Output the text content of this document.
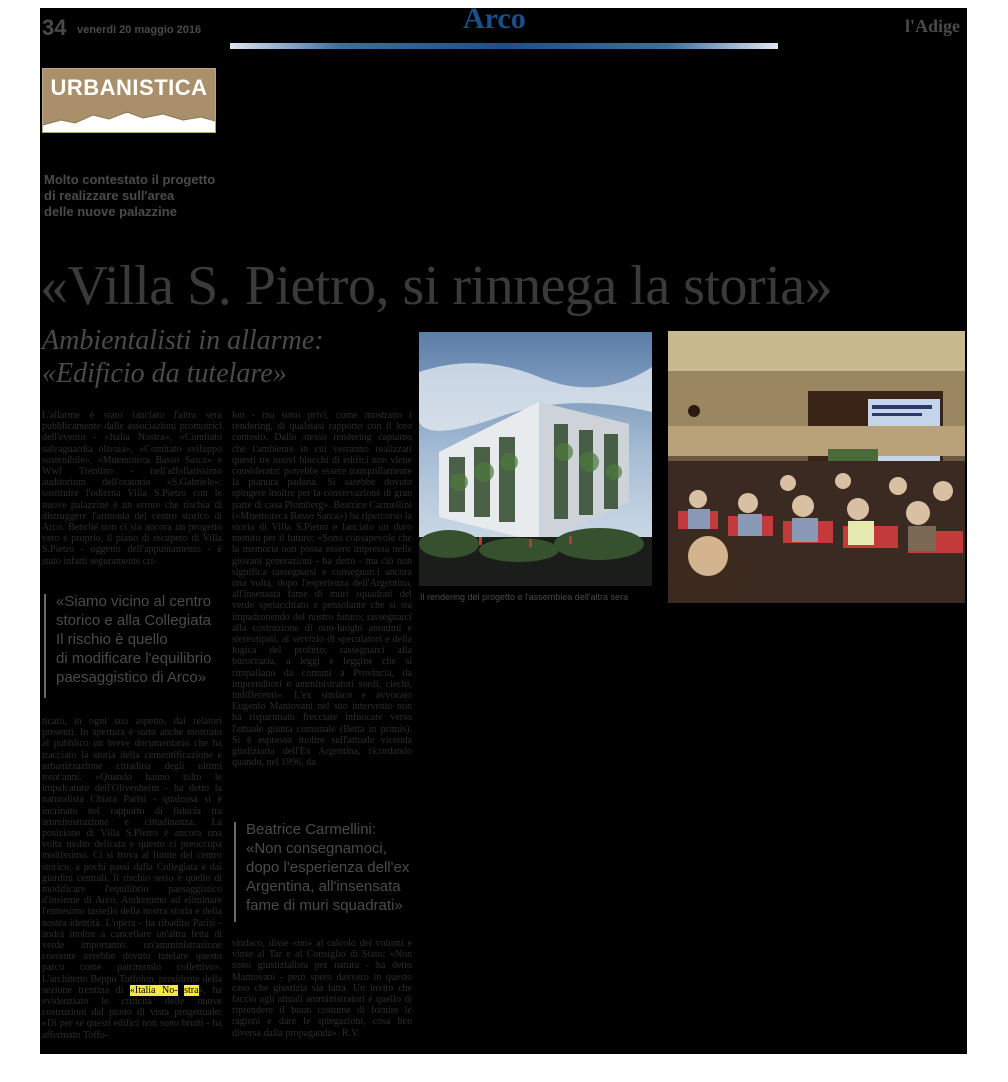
34 venerdì 20 maggio 2016	Arco	l'Adige
URBANISTICA
Molto contestato il progetto
di realizzare sull'area
delle nuove palazzine
«Villa S. Pietro, si rinnega la storia»
Ambientalisti in allarme:
«Edificio da tutelare»

L'allarme è stato lanciato l'altra sera pubblicamente dalle associazioni promotrici dell'evento - «Italia Nostra», «Comitato salvaguardia olivaia», «Comitato sviluppo sostenibile», «Mnemoteca Basso Sarca» e Wwf Trentino - nell'affollatissimo auditorium dell'oratorio «S.Gabriele»: sostituire l'odierna Villa S.Pietro con le nuove palazzine è un errore che rischia di distruggere l'armonia del centro storico di Arco. Benché non ci sia ancora un progetto vero e proprio, il piano di recupero di Villa S.Pietro - oggetto dell'appuntamento - è stato infatti seguramente cri-

«Siamo vicino al centro
storico e alla Collegiata
Il rischio è quello
di modificare l'equilibrio
paesaggistico di Arco»

ticato, in ogni suo aspetto, dai relatori presenti. In apertura è stato anche mostrato al pubblico un breve documentario che ha tracciato la storia della cementificazione e urbanizzazione cittadina degli ultimi trent'anni. «Quando hanno tolto le impalcature dell'Olivenheim - ha detto la naturalista Chiara Parisi - qualcosa si è incrinato nel rapporto di fiducia tra amministrazione e cittadinanza. La posizione di Villa S.Pietro è ancora una volta molto delicata e questo ci preoccupa moltissimo. Ci si trova al limite del centro storico, a pochi passi dalla Collegiata e dai giardini centrali. Il rischio serio è quello di modificare l'equilibrio paesaggistico d'insieme di Arco. Andremmo ad eliminare l'ennesimo tassello della nostra storia e della nostra identità. L'opera - ha ribadito Parisi - andrà inoltre a cancellare un'altra fetta di verde importante: un'amministrazione coerente avrebbe dovuto tutelare questo parco come patrimonio collettivo». L'architetto Beppo Toffolon, presidente della sezione trentina di «Italia No- stra», ha evidenziato le criticità delle nuove costruzioni dal punto di vista progettuale: «Di per sé questi edifici non sono brutti - ha affermato Toffo-

lon - ma sono privi, come mostrano i rendering, di qualsiasi rapporto con il loro contesto. Dallo stesso rendering capiamo che l'ambiente in cui verranno realizzati questi tre nuovi blocchi di edifici non viene considerato: potrebbe essere tranquillamente la pianura padana. Si sarebbe dovuto spingere inoltre per la conservazione di gran parte di casa Plomberg». Beatrice Carmellini («Mnemoteca Basso Sarca») ha ripercorso la storia di Villa S.Pietro e lanciato un duro monito per il futuro: «Sono consapevole che la memoria non possa essere impressa nelle giovani generazioni - ha detto - ma ciò non significa rassegnarsi e consegnarci ancora una volta, dopo l'esperienza dell'Argentina, all'insensata fame di muri squadrati del verde spelacchiato e pensolante che si sta impadronendo del nostro futuro; rassegnarci alla costruzione di non-luoghi anonimi e stereotipati, al servizio di speculatori e della logica del profitto; rassegnarci alla burocrazia, a leggi e leggine che si rimpallano da comuni a Provincia, da imprenditori e amministratori sordi, ciechi, indifferenti». L'ex sindaco e avvocato Eugenio Mantovani nel suo intervento non ha risparmiato frecciate infuocate verso l'attuale giunta comunale (Betta in primis). Si è espresso inoltre sull'attuale vicenda giudiziaria dell'Ex Argentina, ricordando quando, nel 1996, da

Beatrice Carmellini:
«Non consegnamoci,
dopo l'esperienza dell'ex
Argentina, all'insensata
fame di muri squadrati»

sindaco, disse «no» al calcolo dei volumi e vinse al Tar e al Consiglio di Stato: «Non sono giustizialista per natura - ha detto Mantovani - però spero davvero in questo caso che giustizia sia fatta. Un invito che faccio agli attuali amministratori è quello di riprendere il buon costume di fornire le ragioni e dare le spiegazioni, cosa ben diversa dalla propaganda». R.V.

Il rendering del progetto e l'assemblea dell'altra sera
